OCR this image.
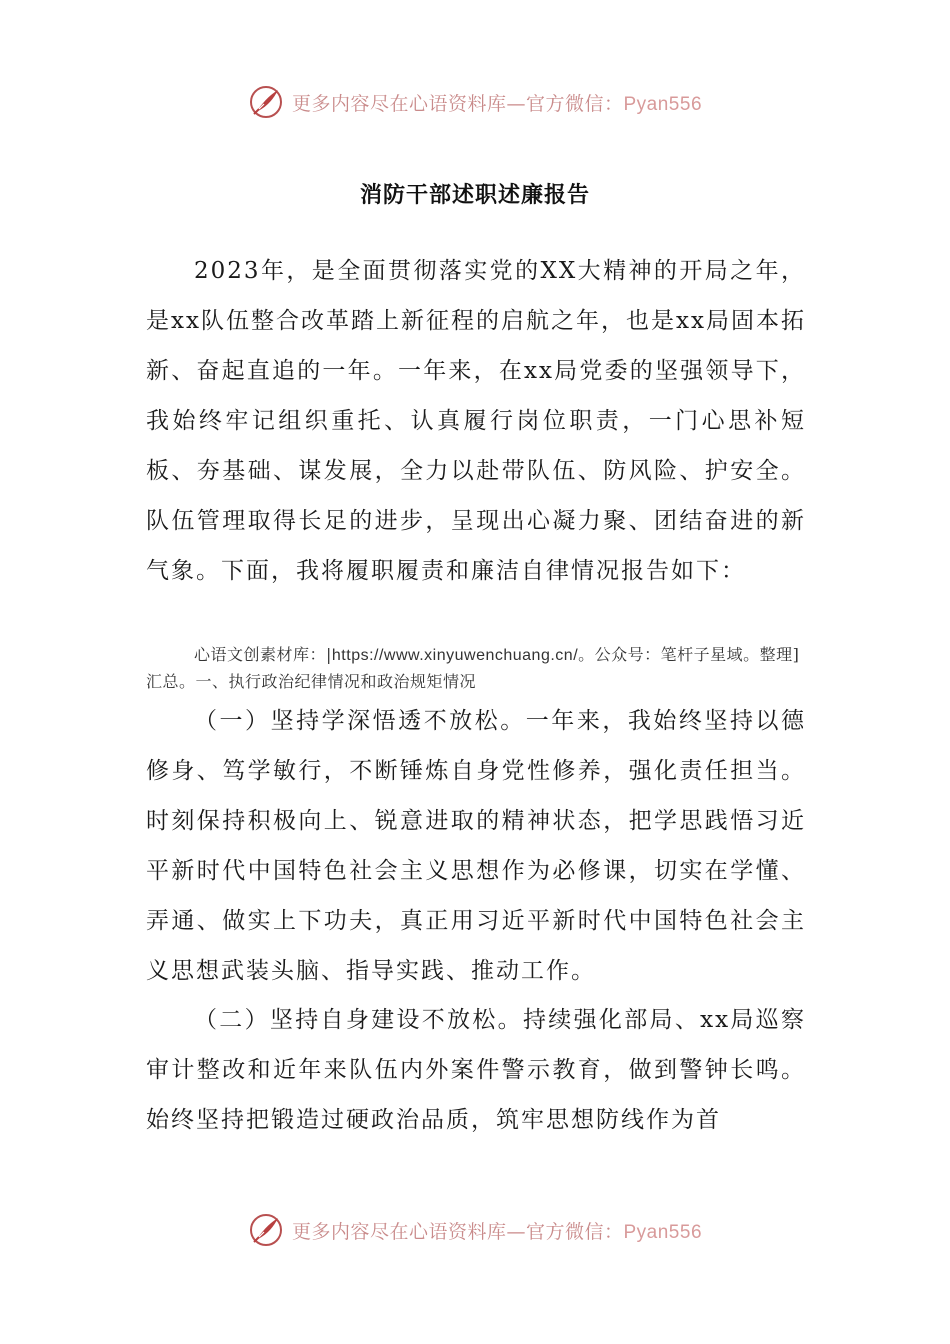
更多内容尽在心语资料库—官方微信：Pyan556
消防干部述职述廉报告

2023年，是全面贯彻落实党的XX大精神的开局之年，是xx队伍整合改革踏上新征程的启航之年，也是xx局固本拓新、奋起直追的一年。一年来，在xx局党委的坚强领导下，我始终牢记组织重托、认真履行岗位职责，一门心思补短板、夯基础、谋发展，全力以赴带队伍、防风险、护安全。队伍管理取得长足的进步，呈现出心凝力聚、团结奋进的新气象。下面，我将履职履责和廉洁自律情况报告如下：

心语文创素材库：|https://www.xinyuwenchuang.cn/。公众号：笔杆子星域。整理]汇总。一、执行政治纪律情况和政治规矩情况

（一）坚持学深悟透不放松。一年来，我始终坚持以德修身、笃学敏行，不断锤炼自身党性修养，强化责任担当。时刻保持积极向上、锐意进取的精神状态，把学思践悟习近平新时代中国特色社会主义思想作为必修课，切实在学懂、弄通、做实上下功夫，真正用习近平新时代中国特色社会主义思想武装头脑、指导实践、推动工作。

（二）坚持自身建设不放松。持续强化部局、xx局巡察审计整改和近年来队伍内外案件警示教育，做到警钟长鸣。始终坚持把锻造过硬政治品质，筑牢思想防线作为首

更多内容尽在心语资料库—官方微信：Pyan556
